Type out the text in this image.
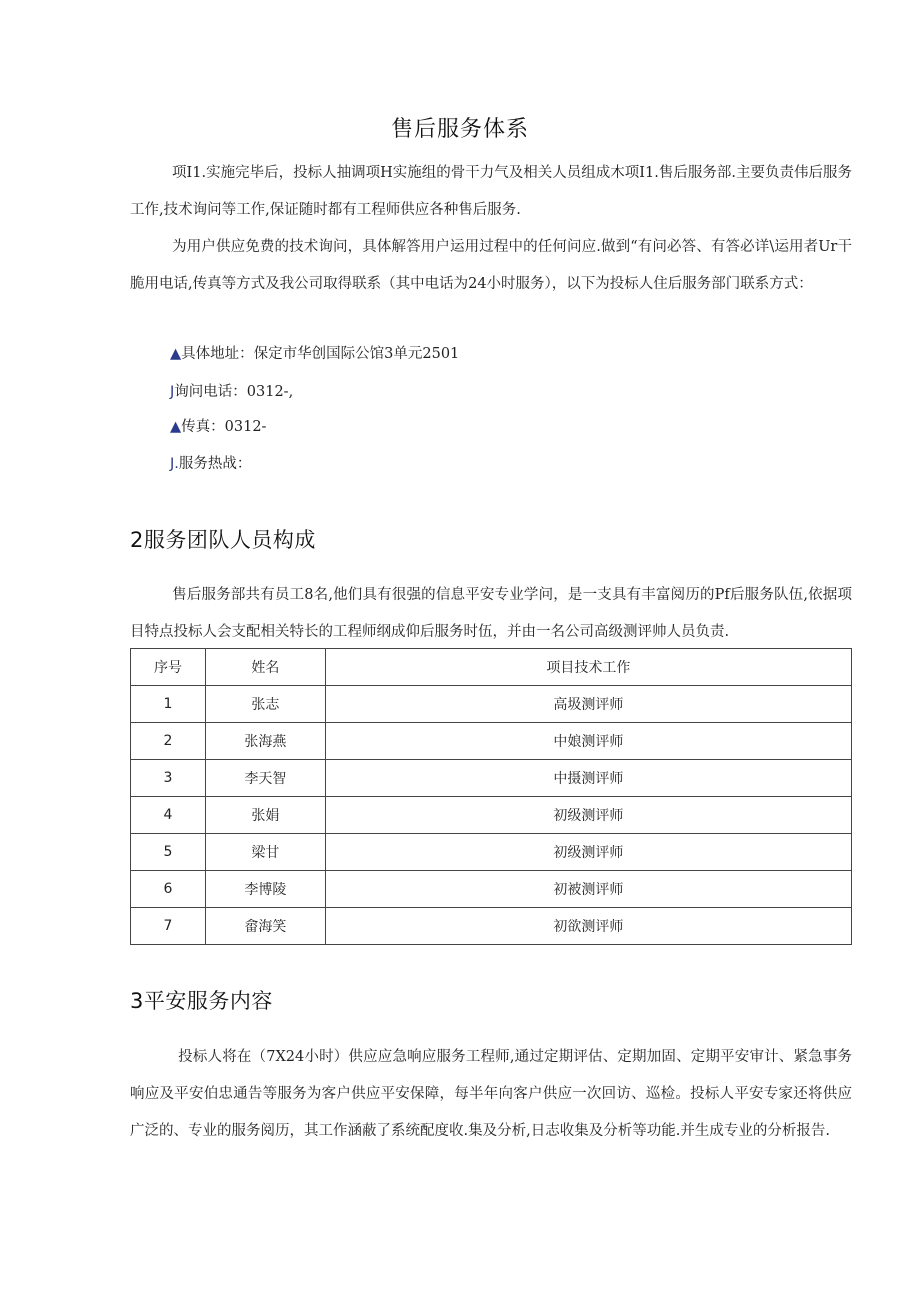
售后服务体系
项I1.实施完毕后，投标人抽调项H实施组的骨干力气及相关人员组成木项I1.售后服务部.主要负责伟后服务工作,技术询问等工作,保证随时都有工程师供应各种售后服务.
为用户供应免费的技术询问，具体解答用户运用过程中的任何问应.做到“有问必答、有答必详\运用者Ur干脆用电话,传真等方式及我公司取得联系（其中电话为24小时服务），以下为投标人住后服务部门联系方式：
▲具体地址：保定市华创国际公馆3单元2501
J询问电话：0312-,
▲传真：0312-
J.服务热战：
2服务团队人员构成
售后服务部共有员工8名,他们具有很强的信息平安专业学问，是一支具有丰富阅历的Pf后服务队伍,依据项目特点投标人会支配相关特长的工程师纲成仰后服务时伍，并由一名公司高级测评帅人员负责.
序号	姓名	项目技术工作
1	张志	高圾测评师
2	张海燕	中娘测评师
3	李天智	中摄测评师
4	张娟	初级测评师
5	梁甘	初级测评师
6	李博陵	初被测评师
7	畲海笑	初欲测评师
3平安服务内容
投标人将在（7X24小时）供应应急响应服务工程师,通过定期评估、定期加固、定期平安审计、紧急事务响应及平安伯忠通告等服务为客户供应平安保障，每半年向客户供应一次回访、巡检。投标人平安专家还将供应广泛的、专业的服务阅历，其工作涵蔽了系统配度收.集及分析,日志收集及分析等功能.并生成专业的分析报告.
